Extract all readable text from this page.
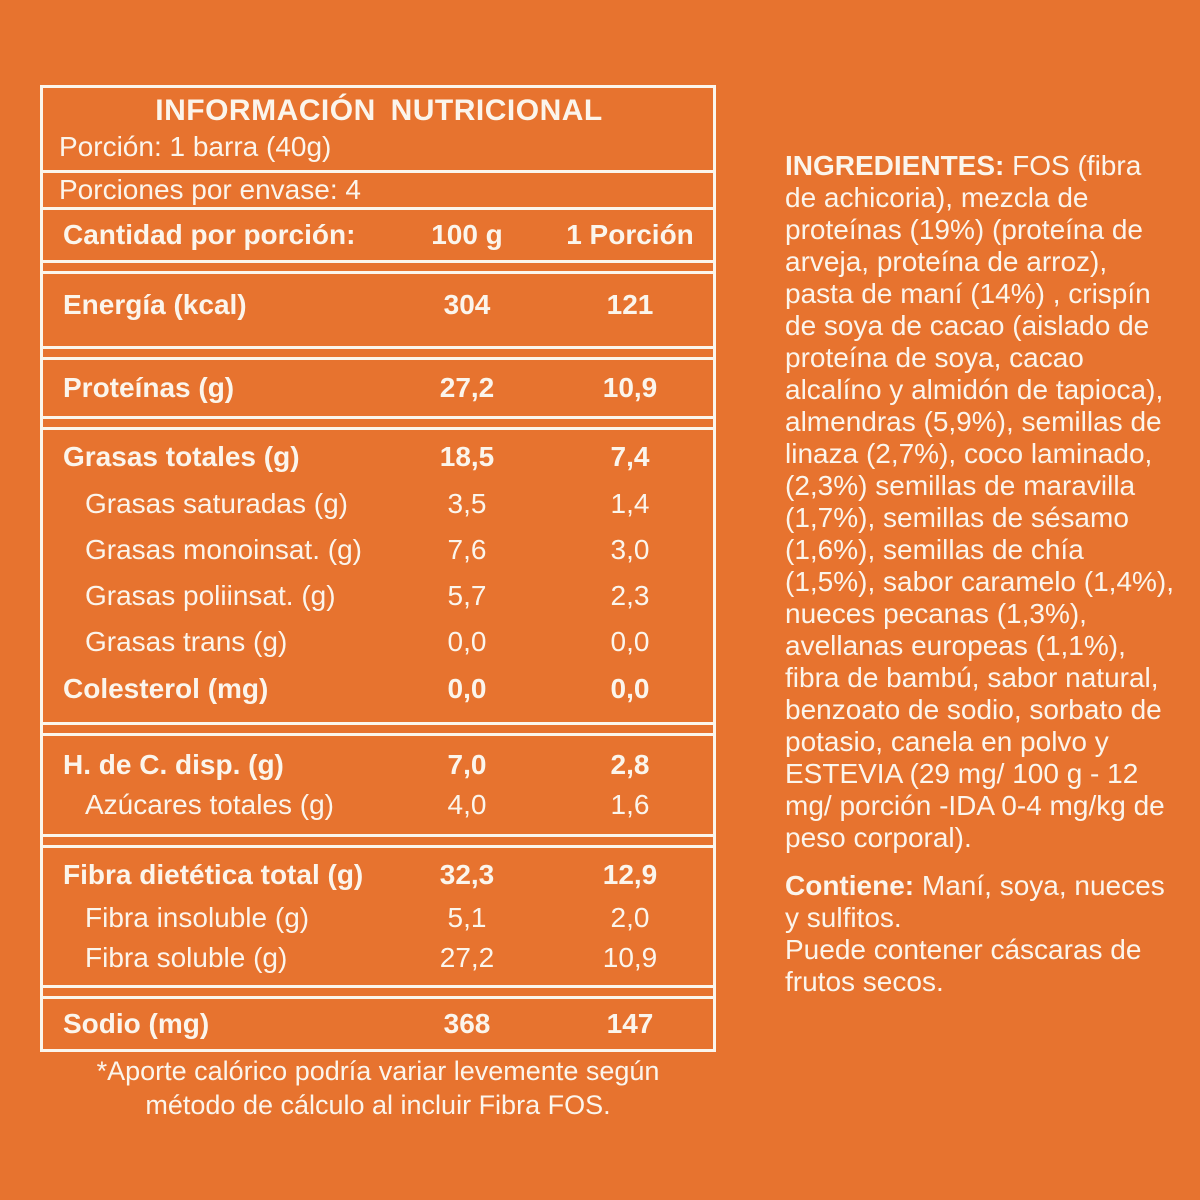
INFORMACIÓN NUTRICIONAL
Porción: 1 barra (40g)
Porciones por envase: 4
Cantidad por porción:	100 g	1 Porción
Energía (kcal)	304	121
Proteínas (g)	27,2	10,9
Grasas totales (g)	18,5	7,4
Grasas saturadas (g)	3,5	1,4
Grasas monoinsat. (g)	7,6	3,0
Grasas poliinsat. (g)	5,7	2,3
Grasas trans (g)	0,0	0,0
Colesterol (mg)	0,0	0,0
H. de C. disp. (g)	7,0	2,8
Azúcares totales (g)	4,0	1,6
Fibra dietética total (g)	32,3	12,9
Fibra insoluble (g)	5,1	2,0
Fibra soluble (g)	27,2	10,9
Sodio (mg)	368	147
*Aporte calórico podría variar levemente según
método de cálculo al incluir Fibra FOS.

INGREDIENTES: FOS (fibra de achicoria), mezcla de proteínas (19%) (proteína de arveja, proteína de arroz), pasta de maní (14%) , crispín de soya de cacao (aislado de proteína de soya, cacao alcalíno y almidón de tapioca), almendras (5,9%), semillas de linaza (2,7%), coco laminado, (2,3%) semillas de maravilla (1,7%), semillas de sésamo (1,6%), semillas de chía (1,5%), sabor caramelo (1,4%), nueces pecanas (1,3%), avellanas europeas (1,1%), fibra de bambú, sabor natural, benzoato de sodio, sorbato de potasio, canela en polvo y ESTEVIA (29 mg/ 100 g - 12 mg/ porción -IDA 0-4 mg/kg de peso corporal).

Contiene: Maní, soya, nueces y sulfitos.
Puede contener cáscaras de frutos secos.
